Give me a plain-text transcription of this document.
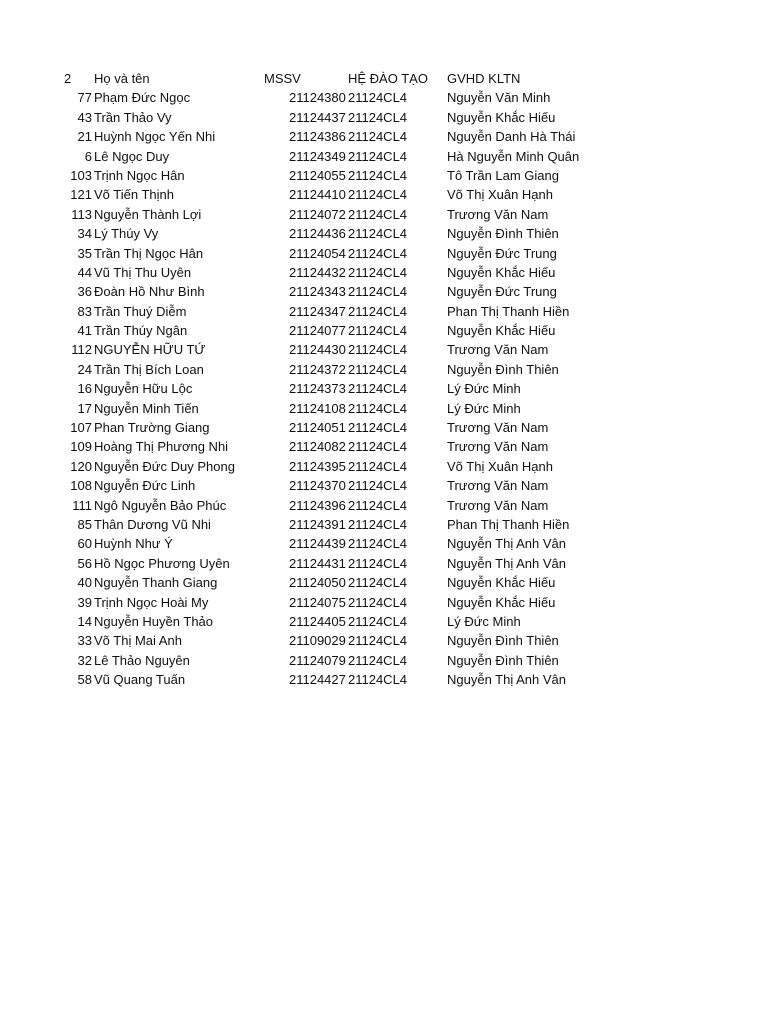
2 Họ và tên	MSSV	HỆ ĐÀO TẠO GVHD KLTN
77 Phạm Đức Ngọc	21124380 21124CL4	Nguyễn Văn Minh
43 Trần Thảo Vy	21124437 21124CL4	Nguyễn Khắc Hiếu
21 Huỳnh Ngọc Yến Nhi	21124386 21124CL4	Nguyễn Danh Hà Thái
6 Lê Ngọc Duy	21124349 21124CL4	Hà Nguyễn Minh Quân
103 Trịnh Ngọc Hân	21124055 21124CL4	Tô Trần Lam Giang
121 Võ Tiến Thịnh	21124410 21124CL4	Võ Thị Xuân Hạnh
113 Nguyễn Thành Lợi	21124072 21124CL4	Trương Văn Nam
34 Lý Thúy Vy	21124436 21124CL4	Nguyễn Đình Thiên
35 Trần Thị Ngọc Hân	21124054 21124CL4	Nguyễn Đức Trung
44 Vũ Thị Thu Uyên	21124432 21124CL4	Nguyễn Khắc Hiếu
36 Đoàn Hồ Như Bình	21124343 21124CL4	Nguyễn Đức Trung
83 Trần Thuý Diễm	21124347 21124CL4	Phan Thị Thanh Hiền
41 Trần Thúy Ngân	21124077 21124CL4	Nguyễn Khắc Hiếu
112 NGUYỄN HỮU TỨ	21124430 21124CL4	Trương Văn Nam
24 Trần Thị Bích Loan	21124372 21124CL4	Nguyễn Đình Thiên
16 Nguyễn Hữu Lộc	21124373 21124CL4	Lý Đức Minh
17 Nguyễn Minh Tiến	21124108 21124CL4	Lý Đức Minh
107 Phan Trường Giang	21124051 21124CL4	Trương Văn Nam
109 Hoàng Thị Phương Nhi	21124082 21124CL4	Trương Văn Nam
120 Nguyễn Đức Duy Phong	21124395 21124CL4	Võ Thị Xuân Hạnh
108 Nguyễn Đức Linh	21124370 21124CL4	Trương Văn Nam
111 Ngô Nguyễn Bảo Phúc	21124396 21124CL4	Trương Văn Nam
85 Thân Dương Vũ Nhi	21124391 21124CL4	Phan Thị Thanh Hiền
60 Huỳnh Như Ý	21124439 21124CL4	Nguyễn Thị Anh Vân
56 Hồ Ngọc Phương Uyên	21124431 21124CL4	Nguyễn Thị Anh Vân
40 Nguyễn Thanh Giang	21124050 21124CL4	Nguyễn Khắc Hiếu
39 Trịnh Ngọc Hoài My	21124075 21124CL4	Nguyễn Khắc Hiếu
14 Nguyễn Huyền Thảo	21124405 21124CL4	Lý Đức Minh
33 Võ Thị Mai Anh	21109029 21124CL4	Nguyễn Đình Thiên
32 Lê Thảo Nguyên	21124079 21124CL4	Nguyễn Đình Thiên
58 Vũ Quang Tuấn	21124427 21124CL4	Nguyễn Thị Anh Vân
